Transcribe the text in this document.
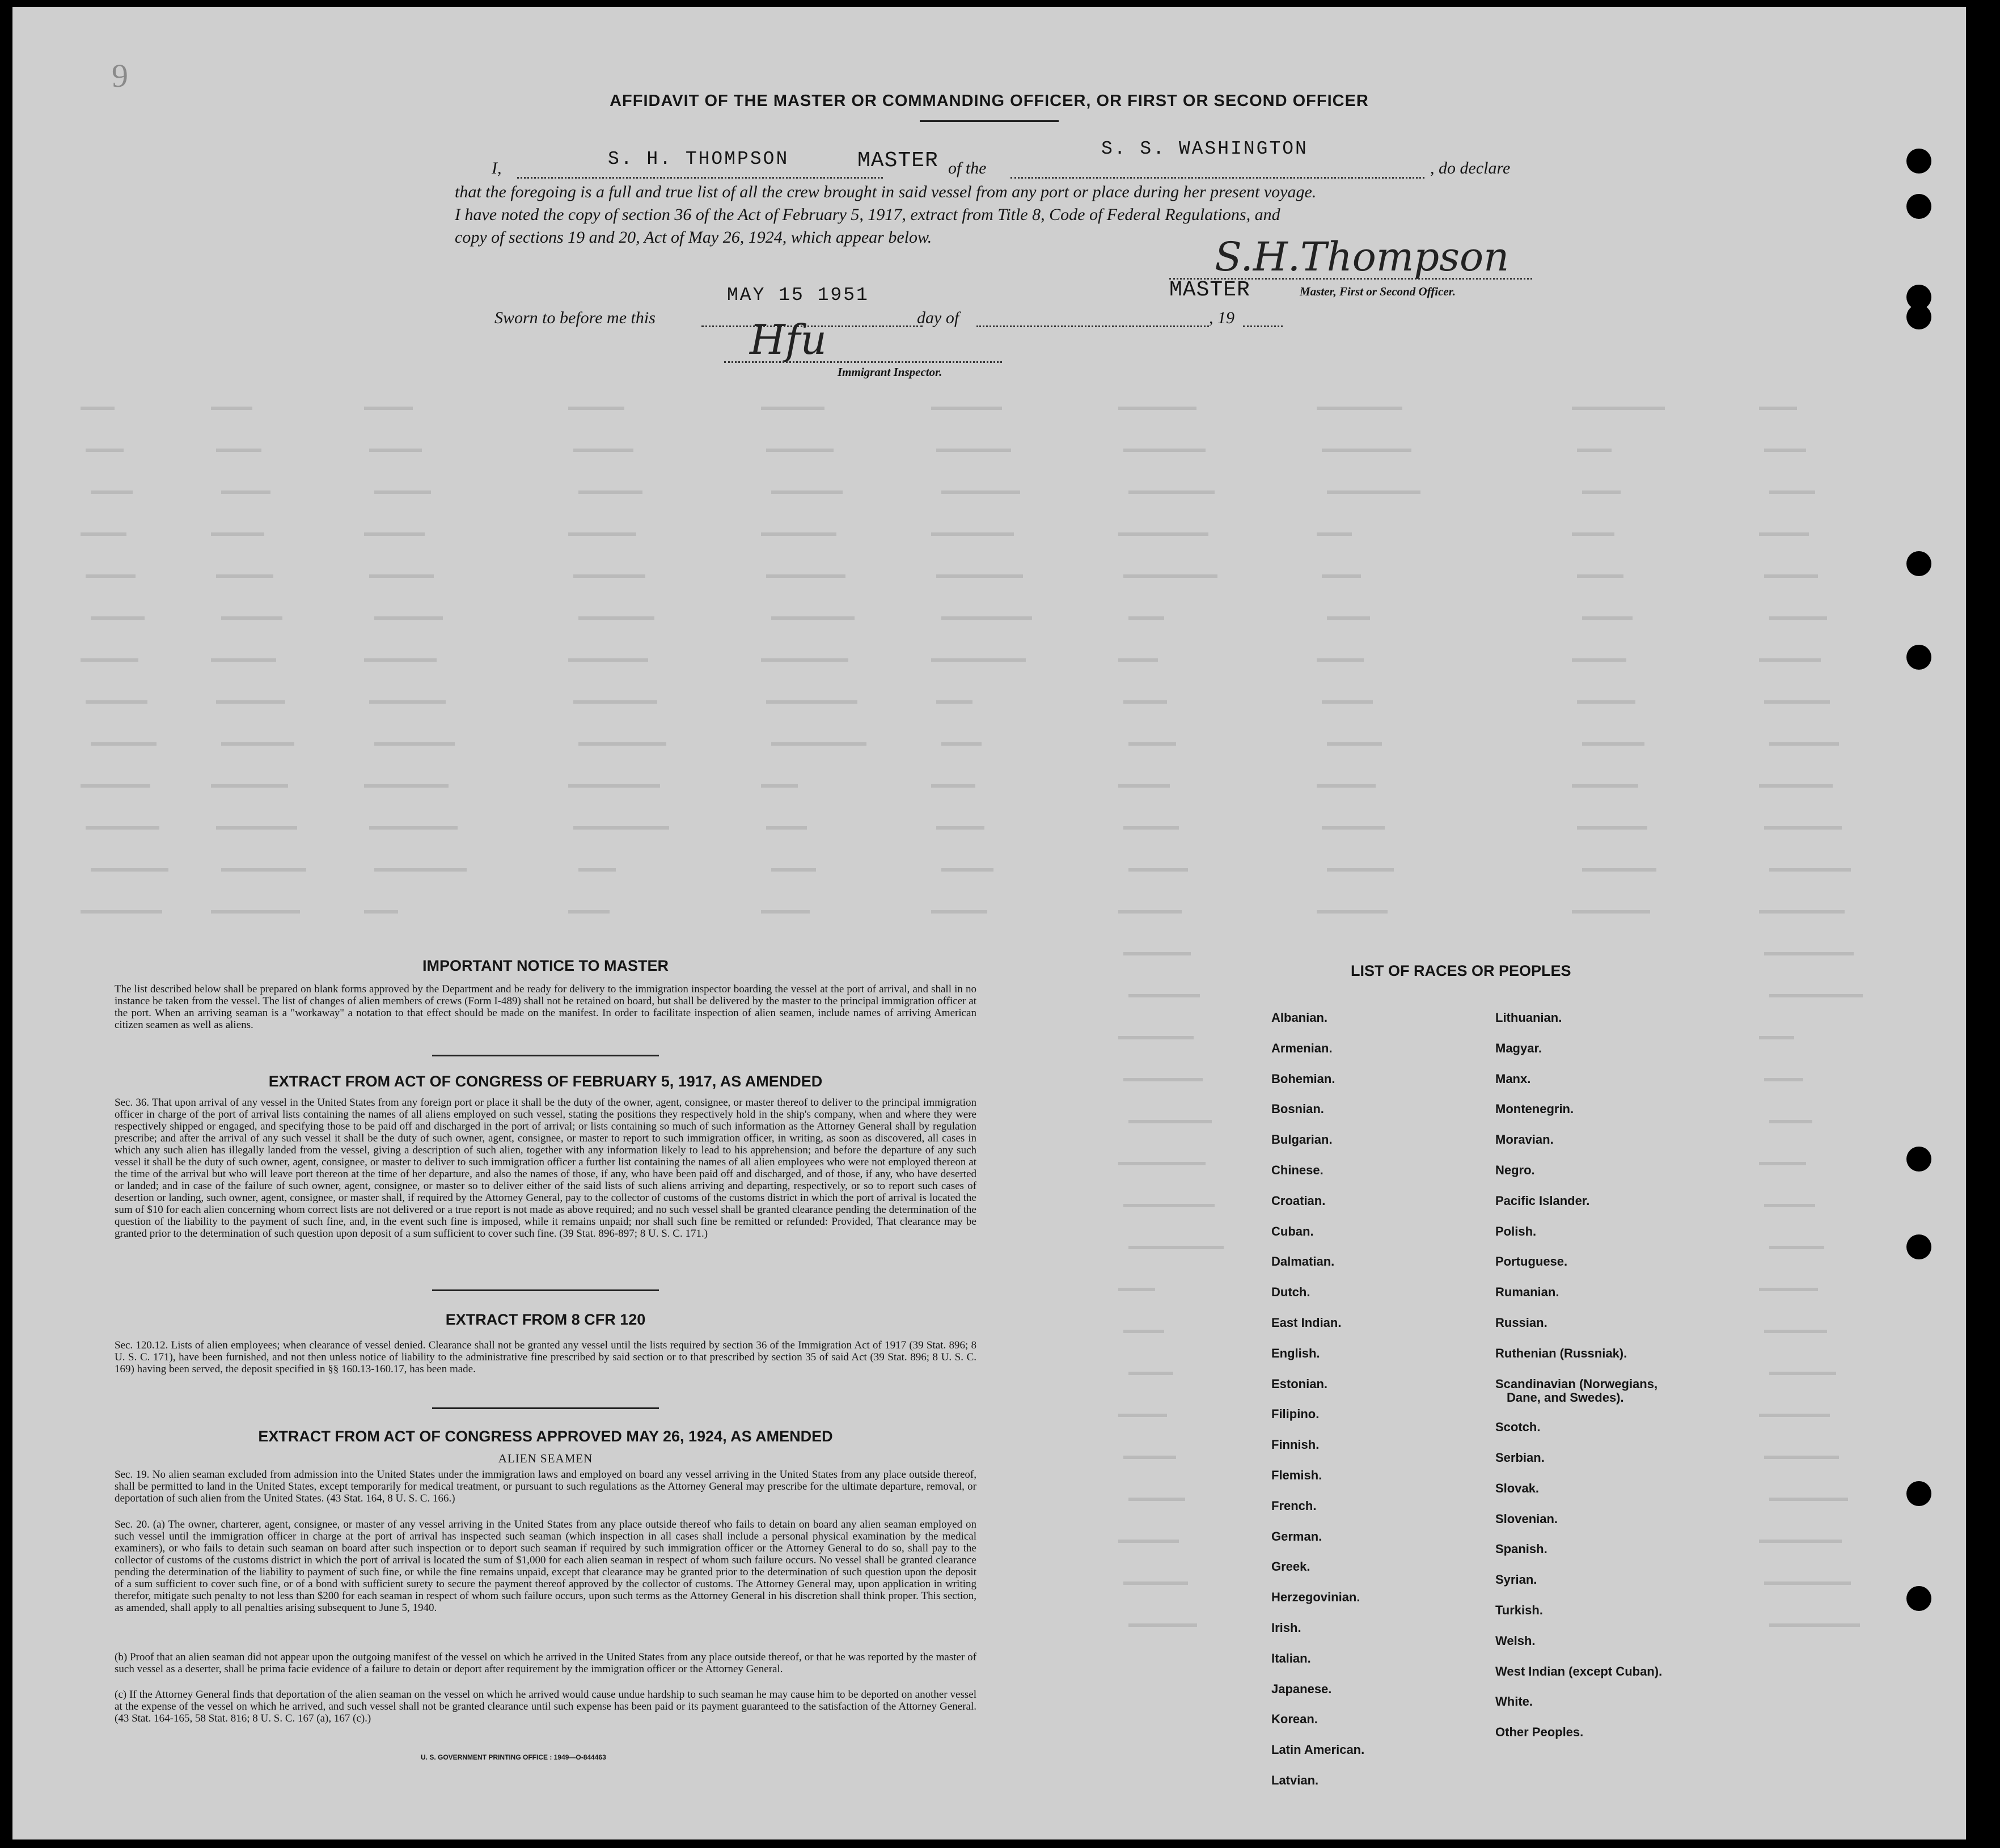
9
AFFIDAVIT OF THE MASTER OR COMMANDING OFFICER, OR FIRST OR SECOND OFFICER
I,	S. H. THOMPSON	MASTER of the
S. S. WASHINGTON
, do declare
that the foregoing is a full and true list of all the crew brought in said vessel from any port or place during her present voyage.
I have noted the copy of section 36 of the Act of February 5, 1917, extract from Title 8, Code of Federal Regulations, and
copy of sections 19 and 20, Act of May 26, 1924, which appear below.	S.H.Thompson
MASTER	Master, First or Second Officer.
Sworn to before me this
MAY 15 1951
day of	, 19
Hfu
Immigrant Inspector.
IMPORTANT NOTICE TO MASTER
The list described below shall be prepared on blank forms approved by the Department and be ready for delivery to the immigration inspector boarding the vessel at the port of arrival, and shall in no instance be taken from the vessel. The list of changes of alien members of crews (Form I-489) shall not be retained on board, but shall be delivered by the master to the principal immigration officer at the port. When an arriving seaman is a "workaway" a notation to that effect should be made on the manifest. In order to facilitate inspection of alien seamen, include names of arriving American citizen seamen as well as aliens.
EXTRACT FROM ACT OF CONGRESS OF FEBRUARY 5, 1917, AS AMENDED
Sec. 36. That upon arrival of any vessel in the United States from any foreign port or place it shall be the duty of the owner, agent, consignee, or master thereof to deliver to the principal immigration officer in charge of the port of arrival lists containing the names of all aliens employed on such vessel, stating the positions they respectively hold in the ship's company, when and where they were respectively shipped or engaged, and specifying those to be paid off and discharged in the port of arrival; or lists containing so much of such information as the Attorney General shall by regulation prescribe; and after the arrival of any such vessel it shall be the duty of such owner, agent, consignee, or master to report to such immigration officer, in writing, as soon as discovered, all cases in which any such alien has illegally landed from the vessel, giving a description of such alien, together with any information likely to lead to his apprehension; and before the departure of any such vessel it shall be the duty of such owner, agent, consignee, or master to deliver to such immigration officer a further list containing the names of all alien employees who were not employed thereon at the time of the arrival but who will leave port thereon at the time of her departure, and also the names of those, if any, who have been paid off and discharged, and of those, if any, who have deserted or landed; and in case of the failure of such owner, agent, consignee, or master so to deliver either of the said lists of such aliens arriving and departing, respectively, or so to report such cases of desertion or landing, such owner, agent, consignee, or master shall, if required by the Attorney General, pay to the collector of customs of the customs district in which the port of arrival is located the sum of $10 for each alien concerning whom correct lists are not delivered or a true report is not made as above required; and no such vessel shall be granted clearance pending the determination of the question of the liability to the payment of such fine, and, in the event such fine is imposed, while it remains unpaid; nor shall such fine be remitted or refunded: Provided, That clearance may be granted prior to the determination of such question upon deposit of a sum sufficient to cover such fine. (39 Stat. 896-897; 8 U. S. C. 171.)
EXTRACT FROM 8 CFR 120
Sec. 120.12. Lists of alien employees; when clearance of vessel denied. Clearance shall not be granted any vessel until the lists required by section 36 of the Immigration Act of 1917 (39 Stat. 896; 8 U. S. C. 171), have been furnished, and not then unless notice of liability to the administrative fine prescribed by said section or to that prescribed by section 35 of said Act (39 Stat. 896; 8 U. S. C. 169) having been served, the deposit specified in §§ 160.13-160.17, has been made.
EXTRACT FROM ACT OF CONGRESS APPROVED MAY 26, 1924, AS AMENDED
ALIEN SEAMEN
Sec. 19. No alien seaman excluded from admission into the United States under the immigration laws and employed on board any vessel arriving in the United States from any place outside thereof, shall be permitted to land in the United States, except temporarily for medical treatment, or pursuant to such regulations as the Attorney General may prescribe for the ultimate departure, removal, or deportation of such alien from the United States. (43 Stat. 164, 8 U. S. C. 166.)
Sec. 20. (a) The owner, charterer, agent, consignee, or master of any vessel arriving in the United States from any place outside thereof who fails to detain on board any alien seaman employed on such vessel until the immigration officer in charge at the port of arrival has inspected such seaman (which inspection in all cases shall include a personal physical examination by the medical examiners), or who fails to detain such seaman on board after such inspection or to deport such seaman if required by such immigration officer or the Attorney General to do so, shall pay to the collector of customs of the customs district in which the port of arrival is located the sum of $1,000 for each alien seaman in respect of whom such failure occurs. No vessel shall be granted clearance pending the determination of the liability to payment of such fine, or while the fine remains unpaid, except that clearance may be granted prior to the determination of such question upon the deposit of a sum sufficient to cover such fine, or of a bond with sufficient surety to secure the payment thereof approved by the collector of customs. The Attorney General may, upon application in writing therefor, mitigate such penalty to not less than $200 for each seaman in respect of whom such failure occurs, upon such terms as the Attorney General in his discretion shall think proper. This section, as amended, shall apply to all penalties arising subsequent to June 5, 1940.
(b) Proof that an alien seaman did not appear upon the outgoing manifest of the vessel on which he arrived in the United States from any place outside thereof, or that he was reported by the master of such vessel as a deserter, shall be prima facie evidence of a failure to detain or deport after requirement by the immigration officer or the Attorney General.
(c) If the Attorney General finds that deportation of the alien seaman on the vessel on which he arrived would cause undue hardship to such seaman he may cause him to be deported on another vessel at the expense of the vessel on which he arrived, and such vessel shall not be granted clearance until such expense has been paid or its payment guaranteed to the satisfaction of the Attorney General. (43 Stat. 164-165, 58 Stat. 816; 8 U. S. C. 167 (a), 167 (c).)
U. S. GOVERNMENT PRINTING OFFICE : 1949—O-844463
LIST OF RACES OR PEOPLES
Albanian.
Armenian.
Bohemian.
Bosnian.
Bulgarian.
Chinese.
Croatian.
Cuban.
Dalmatian.
Dutch.
East Indian.
English.
Estonian.
Filipino.
Finnish.
Flemish.
French.
German.
Greek.
Herzegovinian.
Irish.
Italian.
Japanese.
Korean.
Latin American.
Latvian.
Lithuanian.
Magyar.
Manx.
Montenegrin.
Moravian.
Negro.
Pacific Islander.
Polish.
Portuguese.
Rumanian.
Russian.
Ruthenian (Russniak).
Scandinavian (Norwegians,
Dane, and Swedes).
Scotch.
Serbian.
Slovak.
Slovenian.
Spanish.
Syrian.
Turkish.
Welsh.
West Indian (except Cuban).
White.
Other Peoples.
